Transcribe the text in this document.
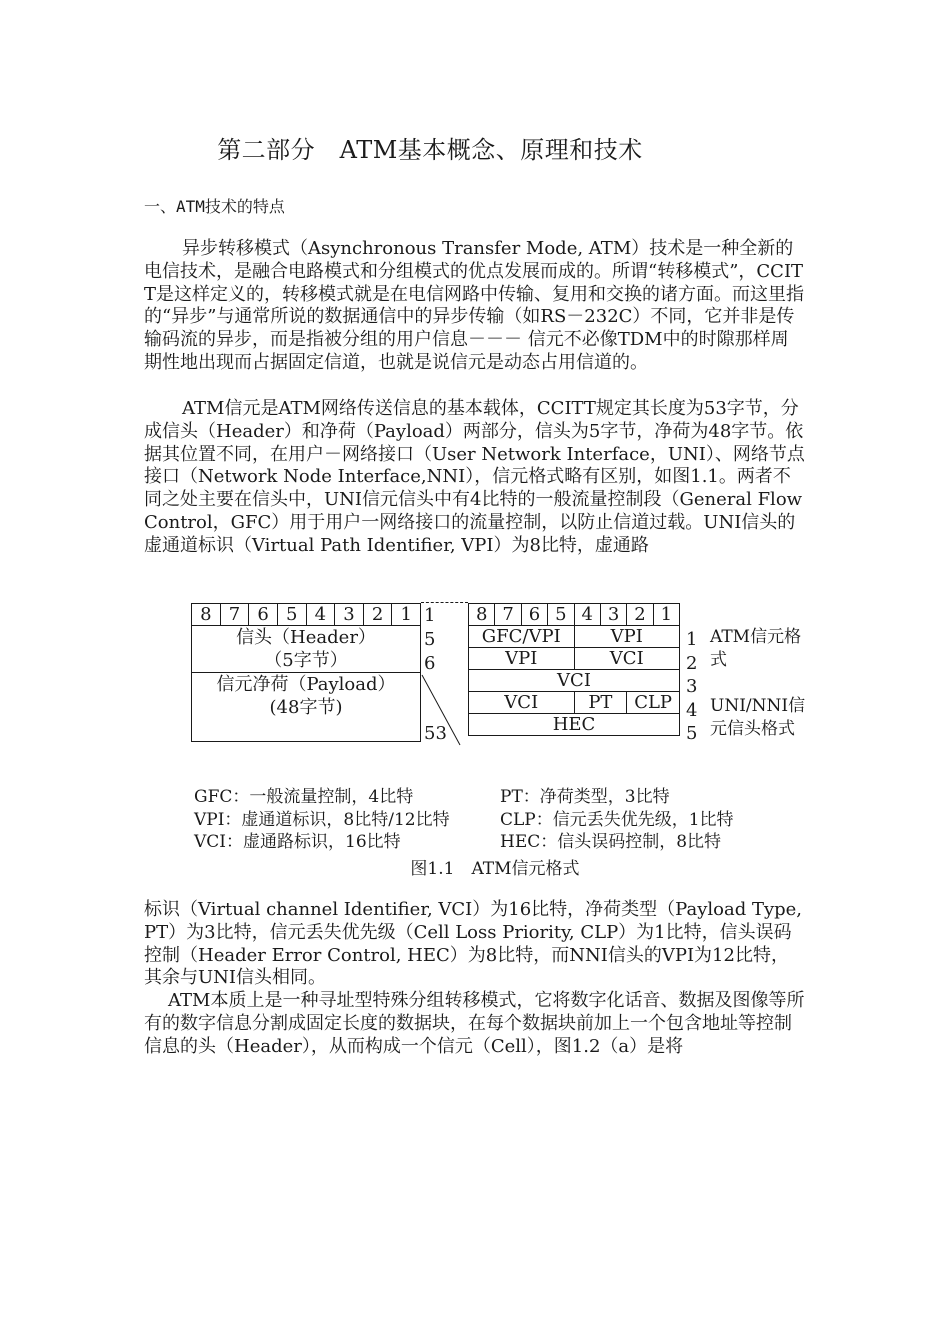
第二部分　ATM基本概念、原理和技术
一、ATM技术的特点
异步转移模式（Asynchronous Transfer Mode, ATM）技术是一种全新的电信技术，是融合电路模式和分组模式的优点发展而成的。所谓“转移模式”，CCITT是这样定义的，转移模式就是在电信网路中传输、复用和交换的诸方面。而这里指的“异步”与通常所说的数据通信中的异步传输（如RS－232C）不同，它并非是传输码流的异步，而是指被分组的用户信息－－－ 信元不必像TDM中的时隙那样周期性地出现而占据固定信道，也就是说信元是动态占用信道的。
ATM信元是ATM网络传送信息的基本载体，CCITT规定其长度为53字节，分成信头（Header）和净荷（Payload）两部分，信头为5字节，净荷为48字节。依据其位置不同，在用户－网络接口（User Network Interface，UNI）、网络节点接口（Network Node Interface,NNI），信元格式略有区别，如图1.1。两者不同之处主要在信头中，UNI信元信头中有4比特的一般流量控制段（General Flow Control，GFC）用于用户一网络接口的流量控制，以防止信道过载。UNI信头的虚通道标识（Virtual Path Identifier, VPI）为8比特，虚通路
8	7	6	5	4	3	2	1

信头（Header）
（5字节）

信元净荷（Payload）
(48字节)
1
5
6
53
8	7	6	5	4	3	2	1
GFC/VPI				VPI			
VPI				VCI			
VCI							
VCI				PT		CLP	
HEC							
1
2
3
4
5
ATM信元格式
UNI/NNI信元信头格式
GFC：一般流量控制，4比特
VPI：虚通道标识，8比特/12比特
VCI：虚通路标识，16比特
PT：净荷类型，3比特
CLP：信元丢失优先级，1比特
HEC：信头误码控制，8比特
图1.1　ATM信元格式
标识（Virtual channel Identifier, VCI）为16比特，净荷类型（Payload Type, PT）为3比特，信元丢失优先级（Cell Loss Priority, CLP）为1比特，信头误码控制（Header Error Control, HEC）为8比特，而NNI信头的VPI为12比特，其余与UNI信头相同。
ATM本质上是一种寻址型特殊分组转移模式，它将数字化话音、数据及图像等所有的数字信息分割成固定长度的数据块，在每个数据块前加上一个包含地址等控制信息的头（Header），从而构成一个信元（Cell），图1.2（a）是将
